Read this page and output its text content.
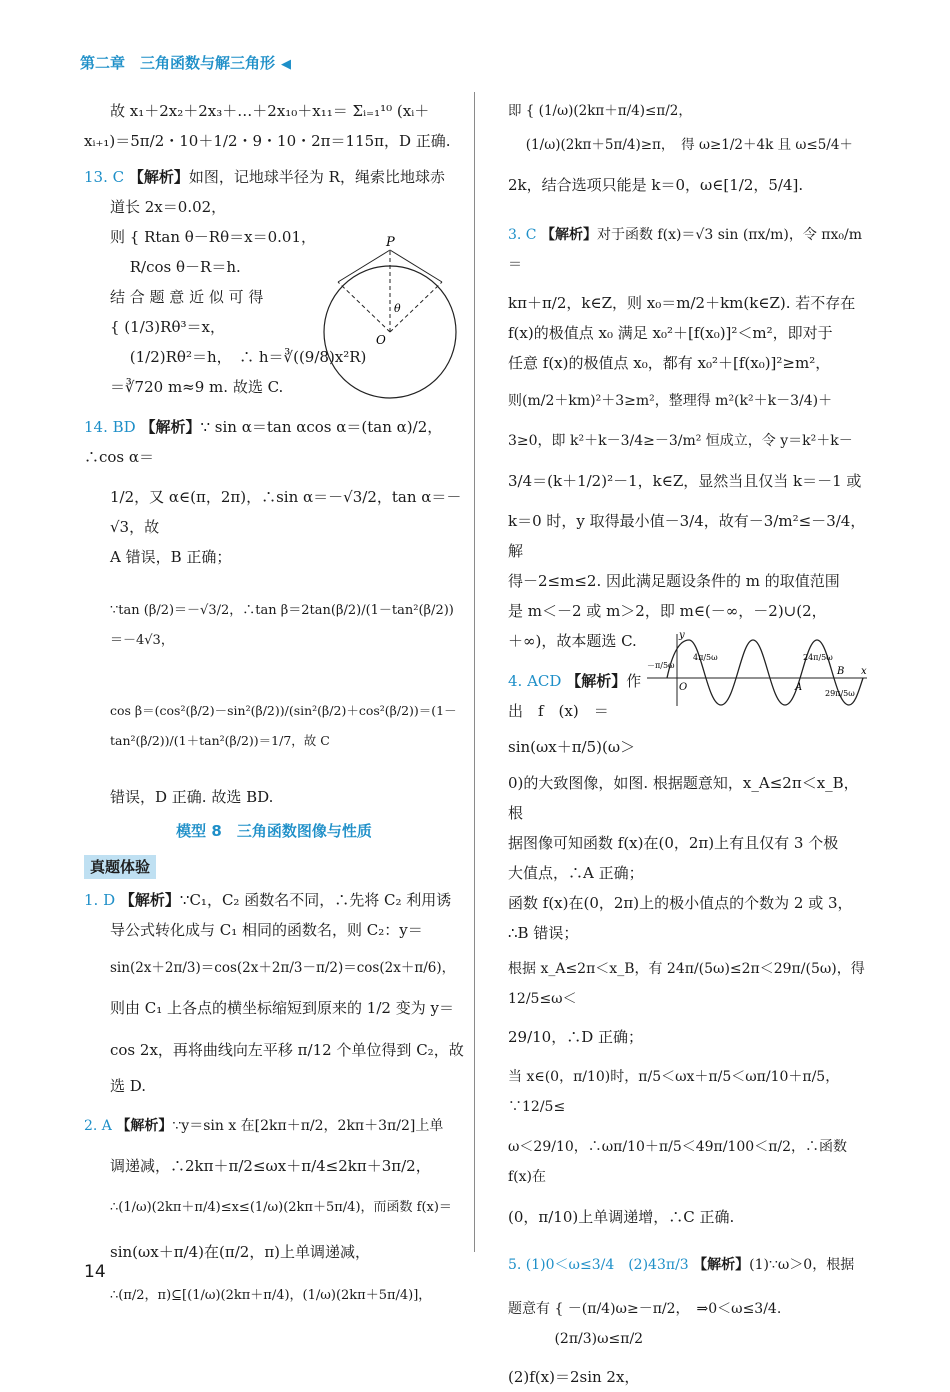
第二章　三角函数与解三角形 ◀
故 x₁＋2x₂＋2x₃＋…＋2x₁₀＋x₁₁＝ Σᵢ₌₁¹⁰ (xᵢ＋
xᵢ₊₁)＝5π/2・10＋1/2・9・10・2π＝115π，D 正确.
13. C 【解析】如图，记地球半径为 R，绳索比地球赤
道长 2x＝0.02，
则 { Rtan θ－Rθ＝x＝0.01，
　 R/cos θ－R＝h.
结 合 题 意 近 似 可 得
{ (1/3)Rθ³＝x，
　 (1/2)Rθ²＝h，　∴ h＝∛((9/8)x²R)
＝∛720 m≈9 m. 故选 C.
14. BD 【解析】∵ sin α＝tan αcos α＝(tan α)/2，∴cos α＝
1/2，又 α∈(π，2π)，∴sin α＝－√3/2，tan α＝－√3，故
A 错误，B 正确；
∵tan (β/2)＝－√3/2，∴tan β＝2tan(β/2)/(1－tan²(β/2))＝－4√3，
cos β＝(cos²(β/2)－sin²(β/2))/(sin²(β/2)＋cos²(β/2))＝(1－tan²(β/2))/(1＋tan²(β/2))＝1/7，故 C
错误，D 正确. 故选 BD.
模型 8　三角函数图像与性质
真题体验
1. D 【解析】∵C₁，C₂ 函数名不同，∴先将 C₂ 利用诱
导公式转化成与 C₁ 相同的函数名，则 C₂：y＝
sin(2x＋2π/3)＝cos(2x＋2π/3－π/2)＝cos(2x＋π/6)，
则由 C₁ 上各点的横坐标缩短到原来的 1/2 变为 y＝
cos 2x，再将曲线向左平移 π/12 个单位得到 C₂，故
选 D.
2. A 【解析】∵y＝sin x 在[2kπ＋π/2，2kπ＋3π/2]上单
调递减，∴2kπ＋π/2≤ωx＋π/4≤2kπ＋3π/2，
∴(1/ω)(2kπ＋π/4)≤x≤(1/ω)(2kπ＋5π/4)，而函数 f(x)＝
sin(ωx＋π/4)在(π/2，π)上单调递减，
∴(π/2，π)⊆[(1/ω)(2kπ＋π/4)，(1/ω)(2kπ＋5π/4)]，
P
O
θ
即 { (1/ω)(2kπ＋π/4)≤π/2，
　 (1/ω)(2kπ＋5π/4)≥π，　得 ω≥1/2＋4k 且 ω≤5/4＋
2k，结合选项只能是 k＝0，ω∈[1/2，5/4].
3. C 【解析】对于函数 f(x)＝√3 sin (πx/m)，令 πx₀/m＝
kπ＋π/2，k∈Z，则 x₀＝m/2＋km(k∈Z). 若不存在
f(x)的极值点 x₀ 满足 x₀²＋[f(x₀)]²＜m²，即对于
任意 f(x)的极值点 x₀，都有 x₀²＋[f(x₀)]²≥m²，
则(m/2＋km)²＋3≥m²，整理得 m²(k²＋k－3/4)＋
3≥0，即 k²＋k－3/4≥－3/m² 恒成立，令 y＝k²＋k－
3/4＝(k＋1/2)²－1，k∈Z，显然当且仅当 k＝－1 或
k＝0 时，y 取得最小值－3/4，故有－3/m²≤－3/4，解
得－2≤m≤2. 因此满足题设条件的 m 的取值范围
是 m＜－2 或 m＞2，即 m∈(－∞，－2)∪(2，
＋∞)，故本题选 C.
4. ACD 【解析】作
出　f　(x)　＝
sin(ωx＋π/5)(ω＞
0)的大致图像，如图. 根据题意知，x_A≤2π＜x_B，根
据图像可知函数 f(x)在(0，2π)上有且仅有 3 个极
大值点，∴A 正确；
函数 f(x)在(0，2π)上的极小值点的个数为 2 或 3，
∴B 错误；
根据 x_A≤2π＜x_B，有 24π/(5ω)≤2π＜29π/(5ω)，得 12/5≤ω＜
29/10，∴D 正确；
当 x∈(0，π/10)时，π/5＜ωx＋π/5＜ωπ/10＋π/5，∵12/5≤
ω＜29/10，∴ωπ/10＋π/5＜49π/100＜π/2，∴函数 f(x)在
(0，π/10)上单调递增，∴C 正确.
5. (1)0＜ω≤3/4　(2)43π/3 【解析】(1)∵ω＞0，根据
题意有 { －(π/4)ω≥－π/2，　⇒0＜ω≤3/4.
　　　 (2π/3)ω≤π/2
(2)f(x)＝2sin 2x，
y
x
O	A
B
－π/5ω
4π/5ω	24π/5ω
29π/5ω
14
